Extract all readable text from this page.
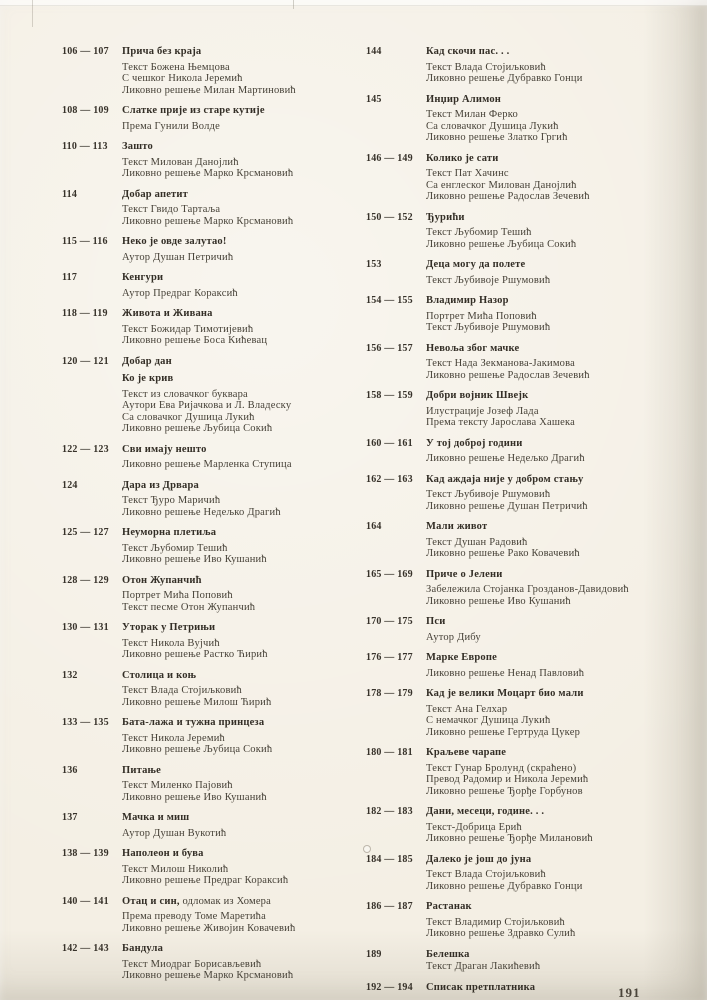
106 — 107	Прича без краја
Текст Божена Њемцова
С чешког Никола Јеремић
Ликовно решење Милан Мартиновић
108 — 109	Слатке прије из старе кутије
Према Гунили Волде
110 — 113	Зашто
Текст Милован Данојлић
Ликовно решење Марко Крсмановић
114	Добар апетит
Текст Гвидо Тартаља
Ликовно решење Марко Крсмановић
115 — 116	Неко је овде залутао!
Аутор Душан Петричић
117	Кенгури
Аутор Предраг Кораксић
118 — 119	Живота и Живана
Текст Божидар Тимотијевић
Ликовно решење Боса Кићевац
120 — 121	Добар дан
Ко је крив
Текст из словачког буквара
Аутори Ева Ријачкова и Л. Владеску
Са словачког Душица Лукић
Ликовно решење Љубица Сокић
122 — 123	Сви имају нешто
Ликовно решење Марленка Ступица
124	Дара из Дрвара
Текст Ђуро Маричић
Ликовно решење Недељко Драгић
125 — 127	Неуморна плетиља
Текст Љубомир Тешић
Ликовно решење Иво Кушанић
128 — 129	Отон Жупанчић
Портрет Мића Поповић
Текст песме Отон Жупанчић
130 — 131	Уторак у Петрињи
Текст Никола Вујчић
Ликовно решење Растко Ћирић
132	Столица и коњ
Текст Влада Стојиљковић
Ликовно решење Милош Ћирић
133 — 135	Бата-лажа и тужна принцеза
Текст Никола Јеремић
Ликовно решење Љубица Сокић
136	Питање
Текст Миленко Пајовић
Ликовно решење Иво Кушанић
137	Мачка и миш
Аутор Душан Вукотић
138 — 139	Наполеон и бува
Текст Милош Николић
Ликовно решење Предраг Кораксић
140 — 141	Отац и син, одломак из Хомера
Према преводу Томе Маретића
Ликовно решење Живојин Ковачевић
142 — 143	Бандула
Текст Миодраг Борисављевић
Ликовно решење Марко Крсмановић
144	Кад скочи пас. . .
Текст Влада Стојиљковић
Ликовно решење Дубравко Гонци
145	Инџир Алимон
Текст Милан Ферко
Са словачког Душица Лукић
Ликовно решење Златко Гргић
146 — 149	Колико је сати
Текст Пат Хачинс
Са енглеског Милован Данојлић
Ликовно решење Радослав Зечевић
150 — 152	Ђурићи
Текст Љубомир Тешић
Ликовно решење Љубица Сокић
153	Деца могу да полете
Текст Љубивоје Ршумовић
154 — 155	Владимир Назор
Портрет Мића Поповић
Текст Љубивоје Ршумовић
156 — 157	Невоља због мачке
Текст Нада Зекманова-Јакимова
Ликовно решење Радослав Зечевић
158 — 159	Добри војник Швејк
Илустрације Јозеф Лада
Према тексту Јарослава Хашека
160 — 161	У тој доброј години
Ликовно решење Недељко Драгић
162 — 163	Кад аждаја није у добром стању
Текст Љубивоје Ршумовић
Ликовно решење Душан Петричић
164	Мали живот
Текст Душан Радовић
Ликовно решење Рако Ковачевић
165 — 169	Приче о Јелени
Забележила Стојанка Грозданов-Давидовић
Ликовно решење Иво Кушанић
170 — 175	Пси
Аутор Дибу
176 — 177	Марке Европе
Ликовно решење Ненад Павловић
178 — 179	Кад је велики Моцарт био мали
Текст Ана Гелхар
С немачког Душица Лукић
Ликовно решење Гертруда Цукер
180 — 181	Краљеве чарапе
Текст Гунар Бролунд (скраћено)
Превод Радомир и Никола Јеремић
Ликовно решење Ђорђе Горбунов
182 — 183	Дани, месеци, године. . .
Текст-Добрица Ерић
Ликовно решење Ђорђе Милановић
184 — 185	Далеко је још до јуна
Текст Влада Стојиљковић
Ликовно решење Дубравко Гонци
186 — 187	Растанак
Текст Владимир Стојиљковић
Ликовно решење Здравко Сулић
189	Белешка
Текст Драган Лакићевић
192 — 194	Списак претплатника	191
